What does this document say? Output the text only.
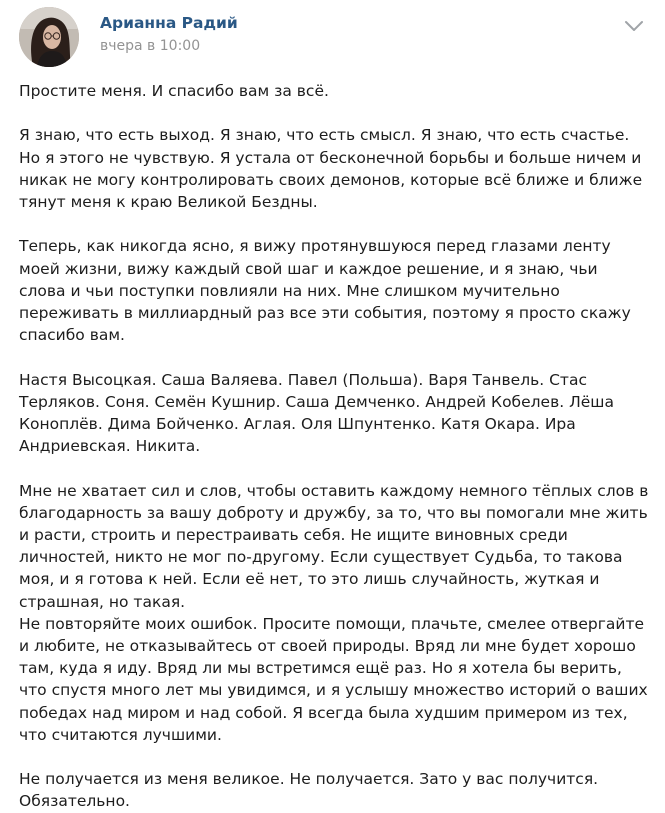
Арианна Радий
вчера в 10:00

Простите меня. И спасибо вам за всё.

Я знаю, что есть выход. Я знаю, что есть смысл. Я знаю, что есть счастье. Но я этого не чувствую. Я устала от бесконечной борьбы и больше ничем и никак не могу контролировать своих демонов, которые всё ближе и ближе тянут меня к краю Великой Бездны.

Теперь, как никогда ясно, я вижу протянувшуюся перед глазами ленту моей жизни, вижу каждый свой шаг и каждое решение, и я знаю, чьи слова и чьи поступки повлияли на них. Мне слишком мучительно переживать в миллиардный раз все эти события, поэтому я просто скажу спасибо вам.

Настя Высоцкая. Саша Валяева. Павел (Польша). Варя Танвель. Стас Терляков. Соня. Семён Кушнир. Саша Демченко. Андрей Кобелев. Лёша Коноплёв. Дима Бойченко. Аглая. Оля Шпунтенко. Катя Окара. Ира Андриевская. Никита.

Мне не хватает сил и слов, чтобы оставить каждому немного тёплых слов в благодарность за вашу доброту и дружбу, за то, что вы помогали мне жить и расти, строить и перестраивать себя. Не ищите виновных среди личностей, никто не мог по-другому. Если существует Судьба, то такова моя, и я готова к ней. Если её нет, то это лишь случайность, жуткая и страшная, но такая.

Не повторяйте моих ошибок. Просите помощи, плачьте, смелее отвергайте и любите, не отказывайтесь от своей природы. Вряд ли мне будет хорошо там, куда я иду. Вряд ли мы встретимся ещё раз. Но я хотела бы верить, что спустя много лет мы увидимся, и я услышу множество историй о ваших победах над миром и над собой. Я всегда была худшим примером из тех, что считаются лучшими.

Не получается из меня великое. Не получается. Зато у вас получится. Обязательно.
